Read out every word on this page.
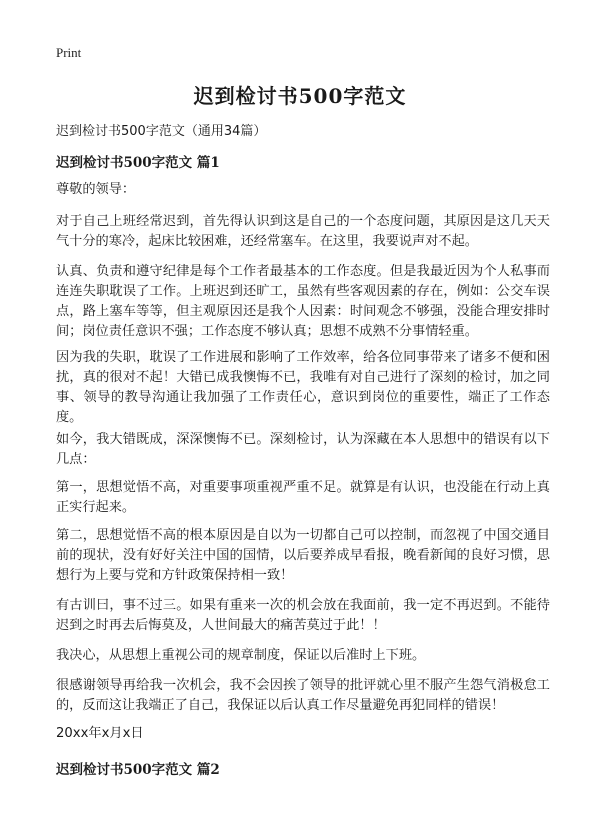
Print
迟到检讨书500字范文
迟到检讨书500字范文（通用34篇）
迟到检讨书500字范文 篇1

尊敬的领导：

对于自己上班经常迟到，首先得认识到这是自己的一个态度问题，其原因是这几天天气十分的寒冷，起床比较困难，还经常塞车。在这里，我要说声对不起。

认真、负责和遵守纪律是每个工作者最基本的工作态度。但是我最近因为个人私事而连连失职耽误了工作。上班迟到还旷工，虽然有些客观因素的存在，例如：公交车误点，路上塞车等等，但主观原因还是我个人因素：时间观念不够强，没能合理安排时间；岗位责任意识不强；工作态度不够认真；思想不成熟不分事情轻重。

因为我的失职，耽误了工作进展和影响了工作效率，给各位同事带来了诸多不便和困扰，真的很对不起！大错已成我懊悔不已，我唯有对自己进行了深刻的检讨，加之同事、领导的教导沟通让我加强了工作责任心，意识到岗位的重要性，端正了工作态度。

如今，我大错既成，深深懊悔不已。深刻检讨，认为深藏在本人思想中的错误有以下几点：

第一，思想觉悟不高，对重要事项重视严重不足。就算是有认识，也没能在行动上真正实行起来。

第二，思想觉悟不高的根本原因是自以为一切都自己可以控制，而忽视了中国交通目前的现状，没有好好关注中国的国情，以后要养成早看报，晚看新闻的良好习惯，思想行为上要与党和方针政策保持相一致！

有古训曰，事不过三。如果有重来一次的机会放在我面前，我一定不再迟到。不能待迟到之时再去后悔莫及，人世间最大的痛苦莫过于此！！

我决心，从思想上重视公司的规章制度，保证以后准时上下班。

很感谢领导再给我一次机会，我不会因挨了领导的批评就心里不服产生怨气消极怠工的，反而这让我端正了自己，我保证以后认真工作尽量避免再犯同样的错误！

20xx年x月x日

迟到检讨书500字范文 篇2
